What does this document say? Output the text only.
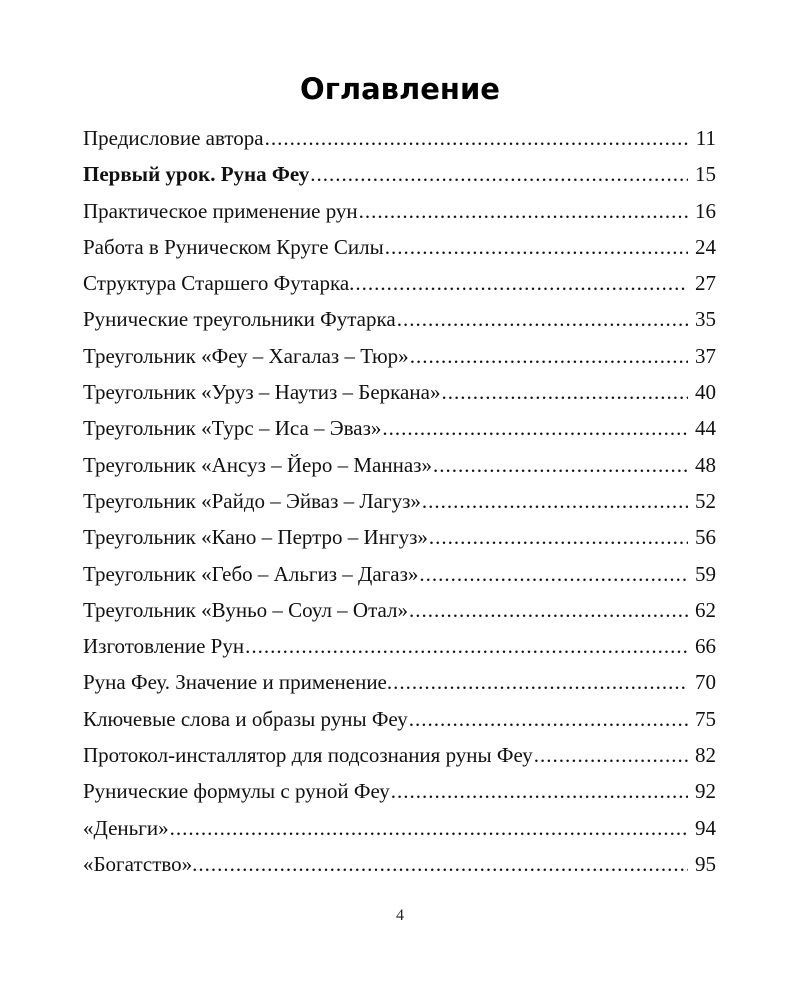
Оглавление
Предисловие автора .....	11
Первый урок. Руна Феу .....	15
Практическое применение рун .....	16
Работа в Руническом Круге Силы .....	24
Структура Старшего Футарка. .....	27
Рунические треугольники Футарка .....	35
Треугольник «Феу – Хагалаз – Тюр» .....	37
Треугольник «Уруз – Наутиз – Беркана» .....	40
Треугольник «Турс – Иса – Эваз» .....	44
Треугольник «Ансуз – Йеро – Манназ» .....	48
Треугольник «Райдо – Эйваз – Лагуз» .....	52
Треугольник «Кано – Пертро – Ингуз» .....	56
Треугольник «Гебо – Альгиз – Дагаз» .....	59
Треугольник «Вуньо – Соул – Отал» .....	62
Изготовление Рун .....	66
Руна Феу. Значение и применение. .....	70
Ключевые слова и образы руны Феу .....	75
Протокол-инсталлятор для подсознания руны Феу .....	82
Рунические формулы с руной Феу .....	92
«Деньги» .....	94
«Богатство». .....	95
4
